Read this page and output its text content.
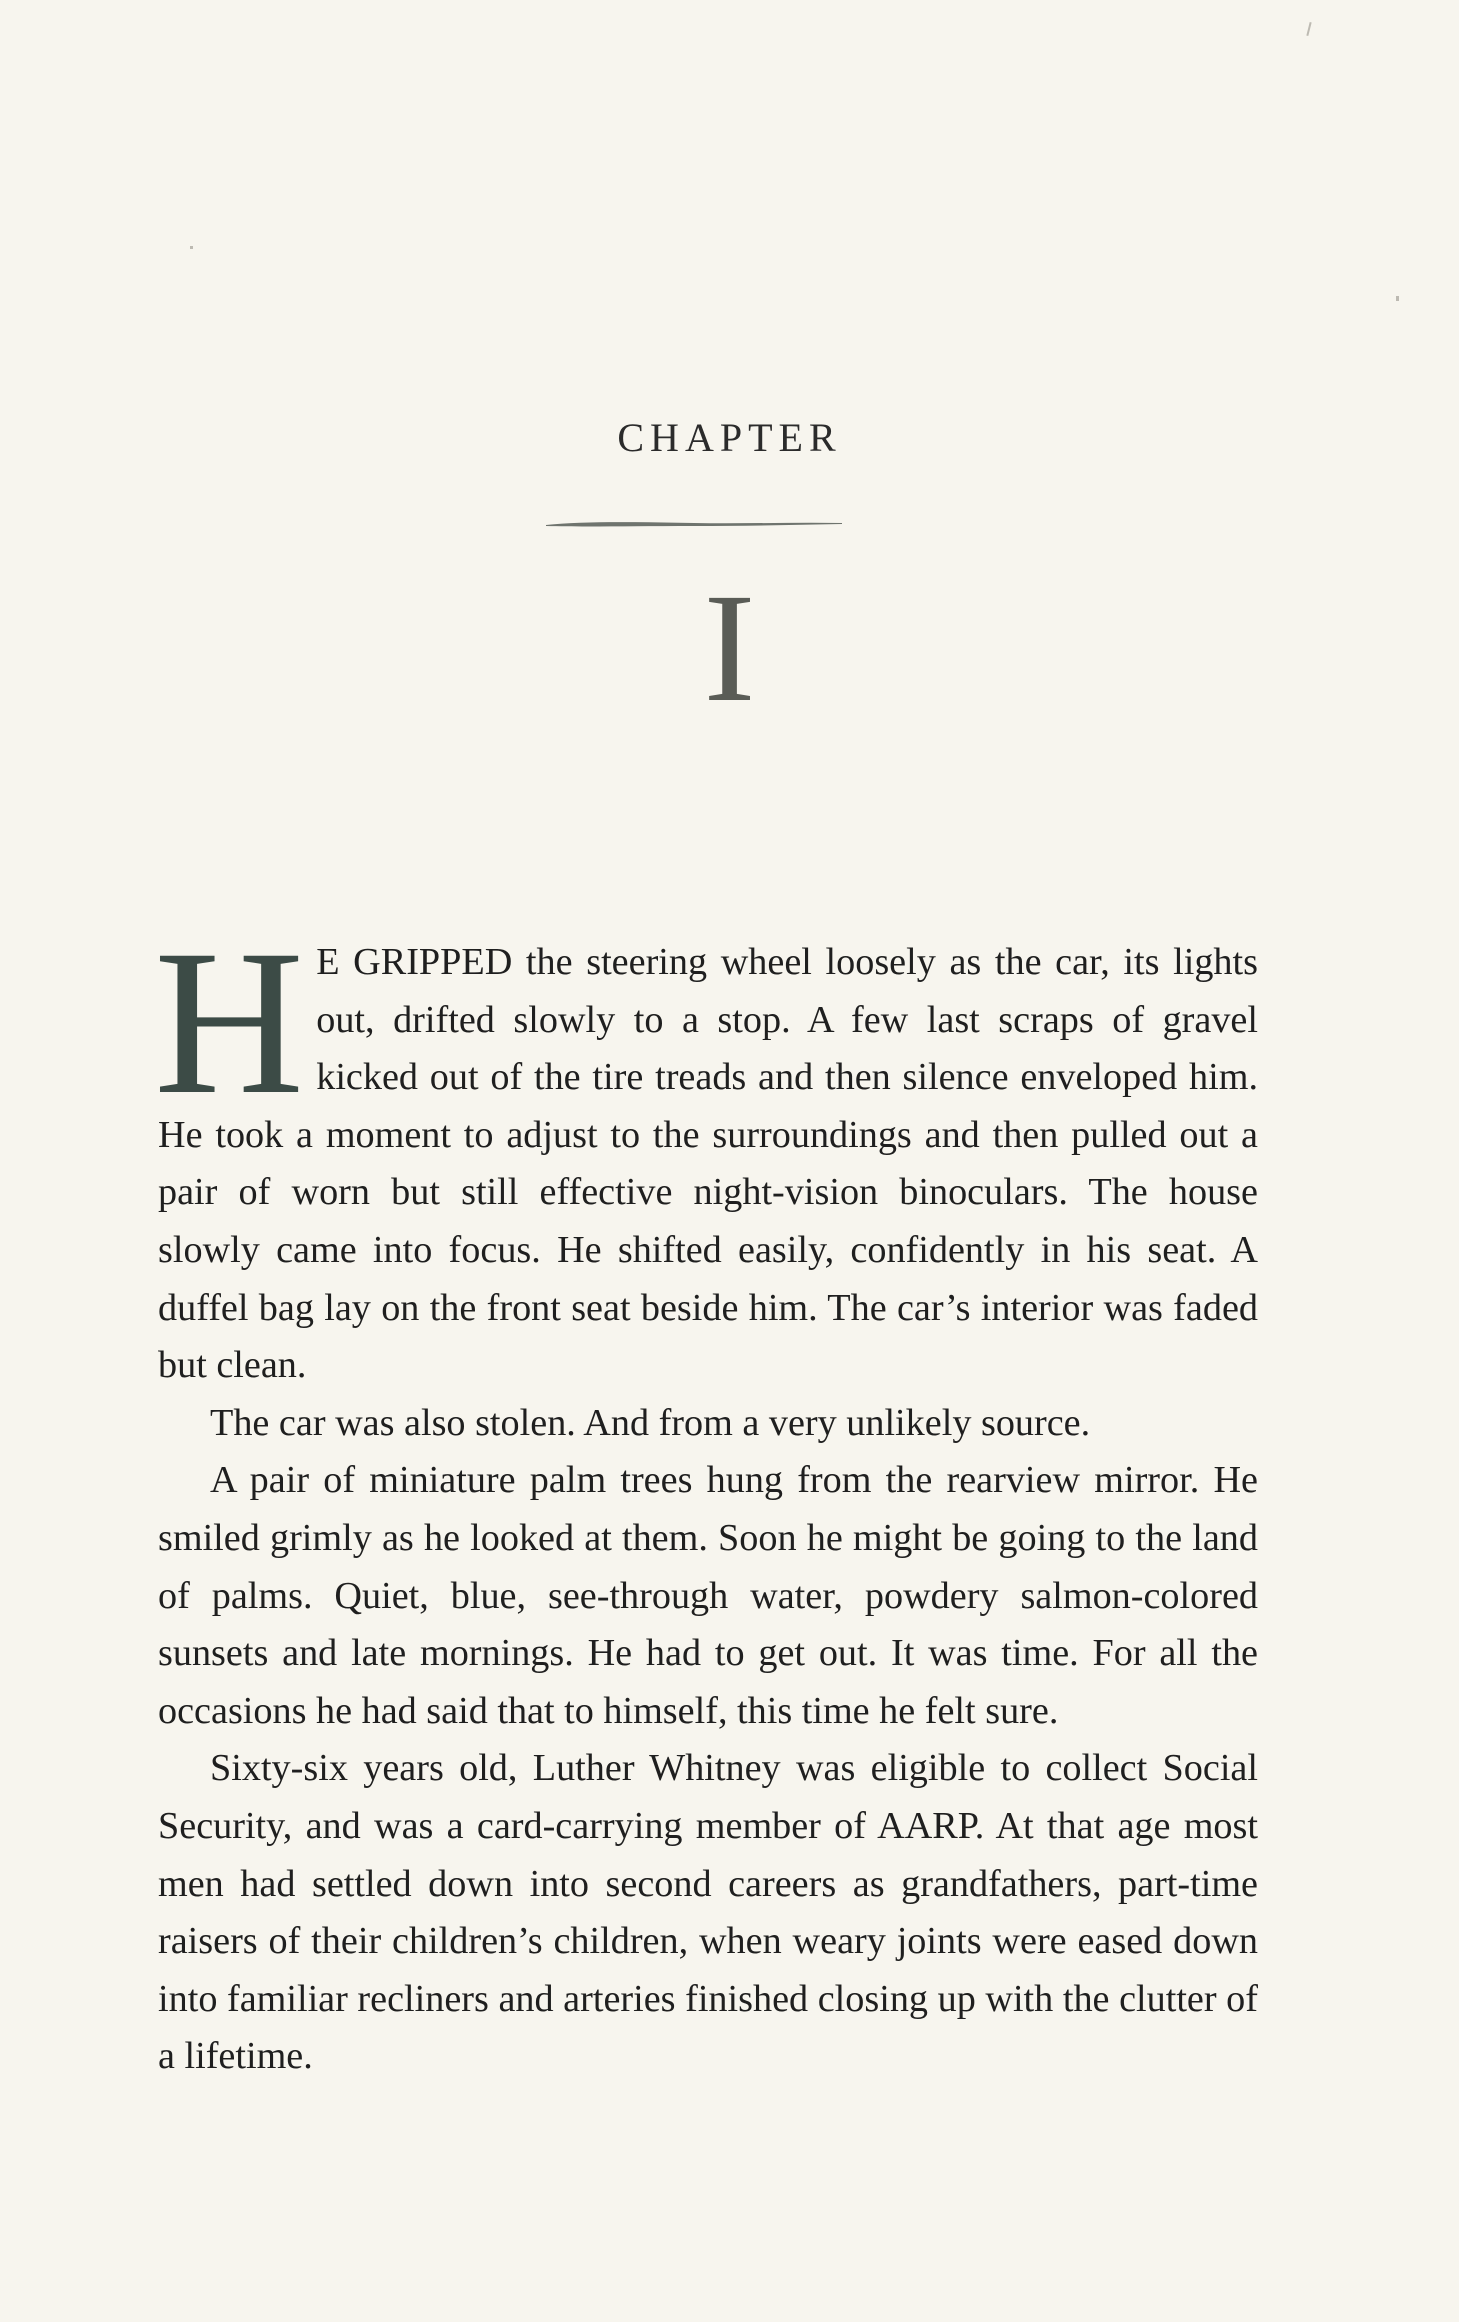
CHAPTER
I

H E GRIPPED the steering wheel loosely as the car, its lights out, drifted slowly to a stop. A few last scraps of gravel kicked out of the tire treads and then silence enveloped him. He took a moment to adjust to the surroundings and then pulled out a pair of worn but still effective night-vision binoculars. The house slowly came into focus. He shifted easily, confidently in his seat. A duffel bag lay on the front seat beside him. The car’s interior was faded but clean.

The car was also stolen. And from a very unlikely source.

A pair of miniature palm trees hung from the rearview mirror. He smiled grimly as he looked at them. Soon he might be going to the land of palms. Quiet, blue, see-through water, powdery salmon-colored sunsets and late mornings. He had to get out. It was time. For all the occasions he had said that to himself, this time he felt sure.

Sixty-six years old, Luther Whitney was eligible to collect Social Security, and was a card-carrying member of AARP. At that age most men had settled down into second careers as grandfathers, part-time raisers of their children’s children, when weary joints were eased down into familiar recliners and arteries finished closing up with the clutter of a lifetime.
